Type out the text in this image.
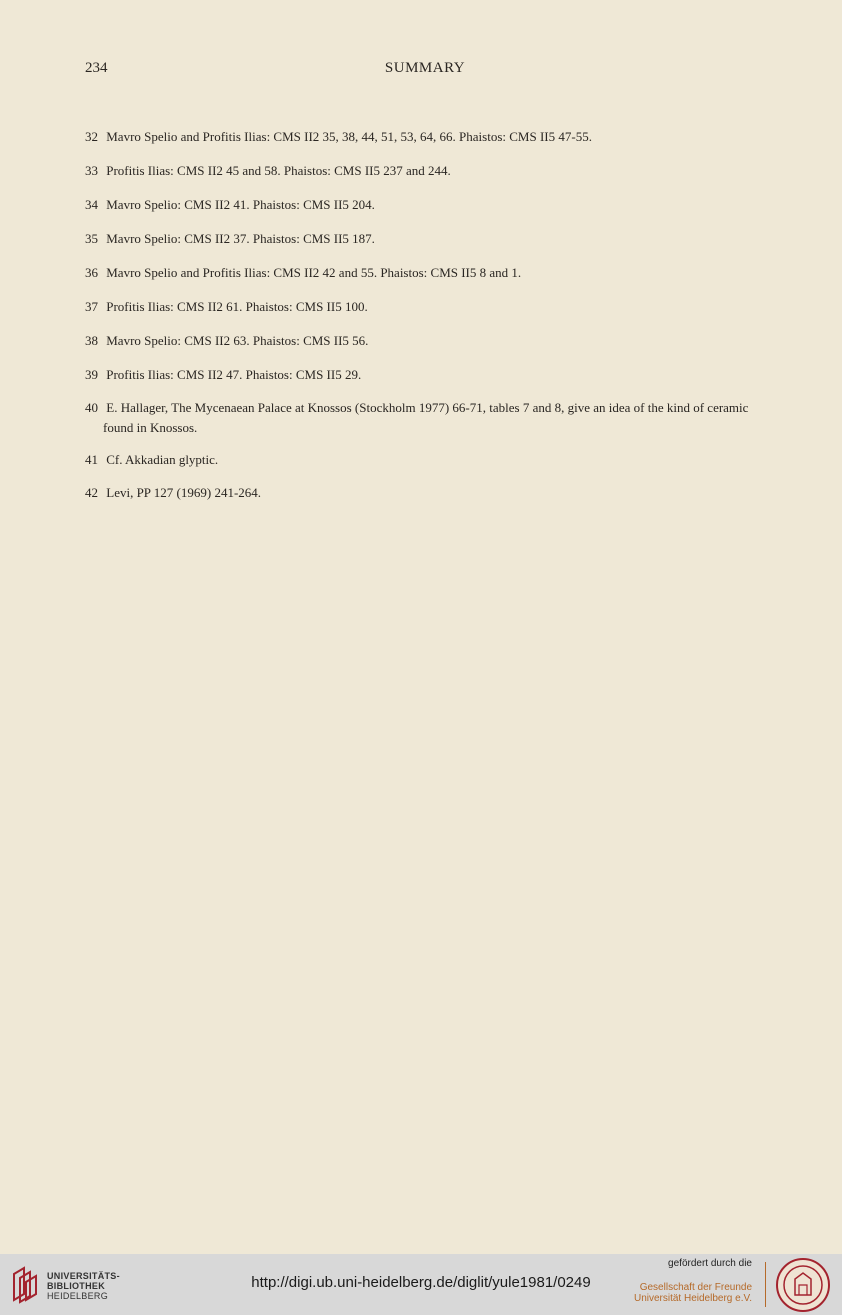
234	SUMMARY

32 Mavro Spelio and Profitis Ilias: CMS II2 35, 38, 44, 51, 53, 64, 66. Phaistos: CMS II5 47-55.

33 Profitis Ilias: CMS II2 45 and 58. Phaistos: CMS II5 237 and 244.

34 Mavro Spelio: CMS II2 41. Phaistos: CMS II5 204.

35 Mavro Spelio: CMS II2 37. Phaistos: CMS II5 187.

36 Mavro Spelio and Profitis Ilias: CMS II2 42 and 55. Phaistos: CMS II5 8 and 1.

37 Profitis Ilias: CMS II2 61. Phaistos: CMS II5 100.

38 Mavro Spelio: CMS II2 63. Phaistos: CMS II5 56.

39 Profitis Ilias: CMS II2 47. Phaistos: CMS II5 29.

40 E. Hallager, The Mycenaean Palace at Knossos (Stockholm 1977) 66-71, tables 7 and 8, give an idea of the kind of ceramic found in Knossos.

41 Cf. Akkadian glyptic.

42 Levi, PP 127 (1969) 241-264.

UNIVERSITÄTS-
BIBLIOTHEK
HEIDELBERG
http://digi.ub.uni-heidelberg.de/diglit/yule1981/0249
gefördert durch die
Gesellschaft der Freunde
Universität Heidelberg e.V.
